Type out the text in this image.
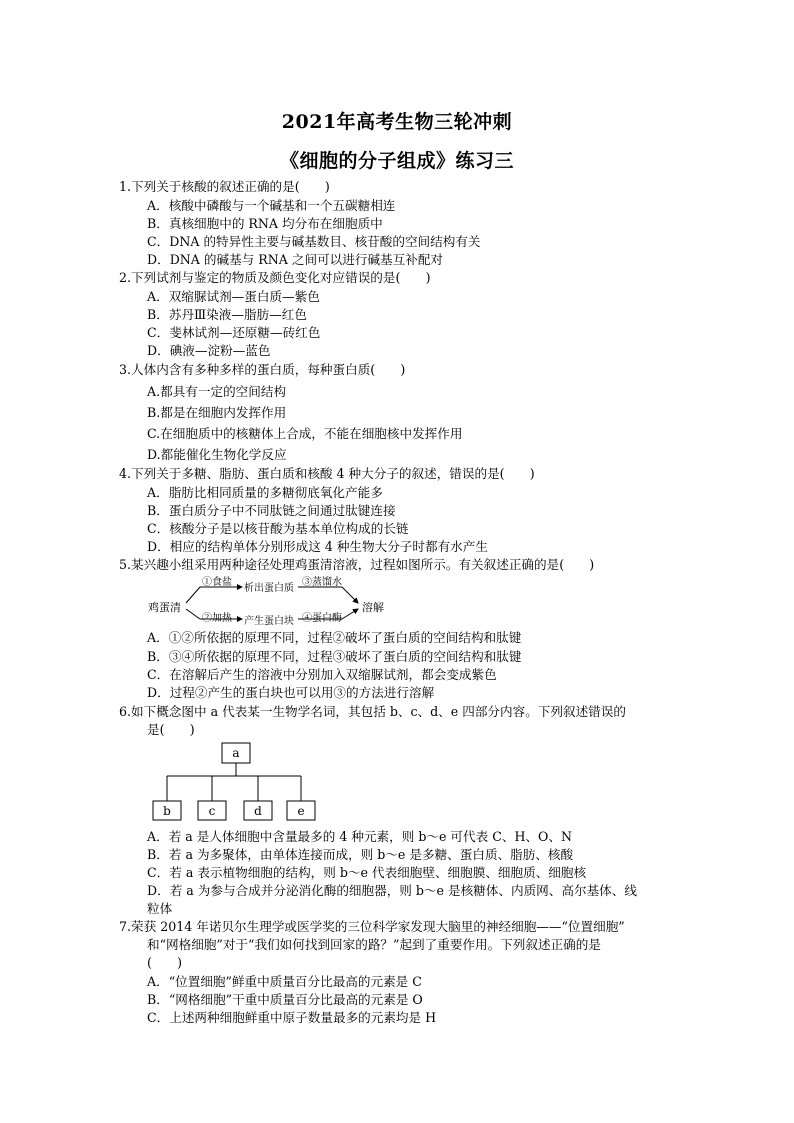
2021年高考生物三轮冲刺
《细胞的分子组成》练习三
1.下列关于核酸的叙述正确的是(　　)
A．核酸中磷酸与一个碱基和一个五碳糖相连
B．真核细胞中的 RNA 均分布在细胞质中
C．DNA 的特异性主要与碱基数目、核苷酸的空间结构有关
D．DNA 的碱基与 RNA 之间可以进行碱基互补配对
2.下列试剂与鉴定的物质及颜色变化对应错误的是(　　)
A．双缩脲试剂—蛋白质—紫色
B．苏丹Ⅲ染液—脂肪—红色
C．斐林试剂—还原糖—砖红色
D．碘液—淀粉—蓝色
3.人体内含有多种多样的蛋白质，每种蛋白质(　　)
A.都具有一定的空间结构
B.都是在细胞内发挥作用
C.在细胞质中的核糖体上合成，不能在细胞核中发挥作用
D.都能催化生物化学反应
4.下列关于多糖、脂肪、蛋白质和核酸 4 种大分子的叙述，错误的是(　　)
A．脂肪比相同质量的多糖彻底氧化产能多
B．蛋白质分子中不同肽链之间通过肽键连接
C．核酸分子是以核苷酸为基本单位构成的长链
D．相应的结构单体分别形成这 4 种生物大分子时都有水产生
5.某兴趣小组采用两种途径处理鸡蛋清溶液，过程如图所示。有关叙述正确的是(　　)
鸡蛋清
①食盐
析出蛋白质
③蒸馏水
②加热 产生蛋白块 ④蛋白酶
溶解
A．①②所依据的原理不同，过程②破坏了蛋白质的空间结构和肽键
B．③④所依据的原理不同，过程③破坏了蛋白质的空间结构和肽键
C．在溶解后产生的溶液中分别加入双缩脲试剂，都会变成紫色
D．过程②产生的蛋白块也可以用③的方法进行溶解
6.如下概念图中 a 代表某一生物学名词，其包括 b、c、d、e 四部分内容。下列叙述错误的
是(　　)
a
b	c	d	e
A．若 a 是人体细胞中含量最多的 4 种元素，则 b～e 可代表 C、H、O、N
B．若 a 为多聚体，由单体连接而成，则 b～e 是多糖、蛋白质、脂肪、核酸
C．若 a 表示植物细胞的结构，则 b～e 代表细胞壁、细胞膜、细胞质、细胞核
D．若 a 为参与合成并分泌消化酶的细胞器，则 b～e 是核糖体、内质网、高尔基体、线
粒体
7.荣获 2014 年诺贝尔生理学或医学奖的三位科学家发现大脑里的神经细胞——“位置细胞”
和“网格细胞”对于“我们如何找到回家的路？”起到了重要作用。下列叙述正确的是
(　　)
A．“位置细胞”鲜重中质量百分比最高的元素是 C
B．“网格细胞”干重中质量百分比最高的元素是 O
C．上述两种细胞鲜重中原子数量最多的元素均是 H
